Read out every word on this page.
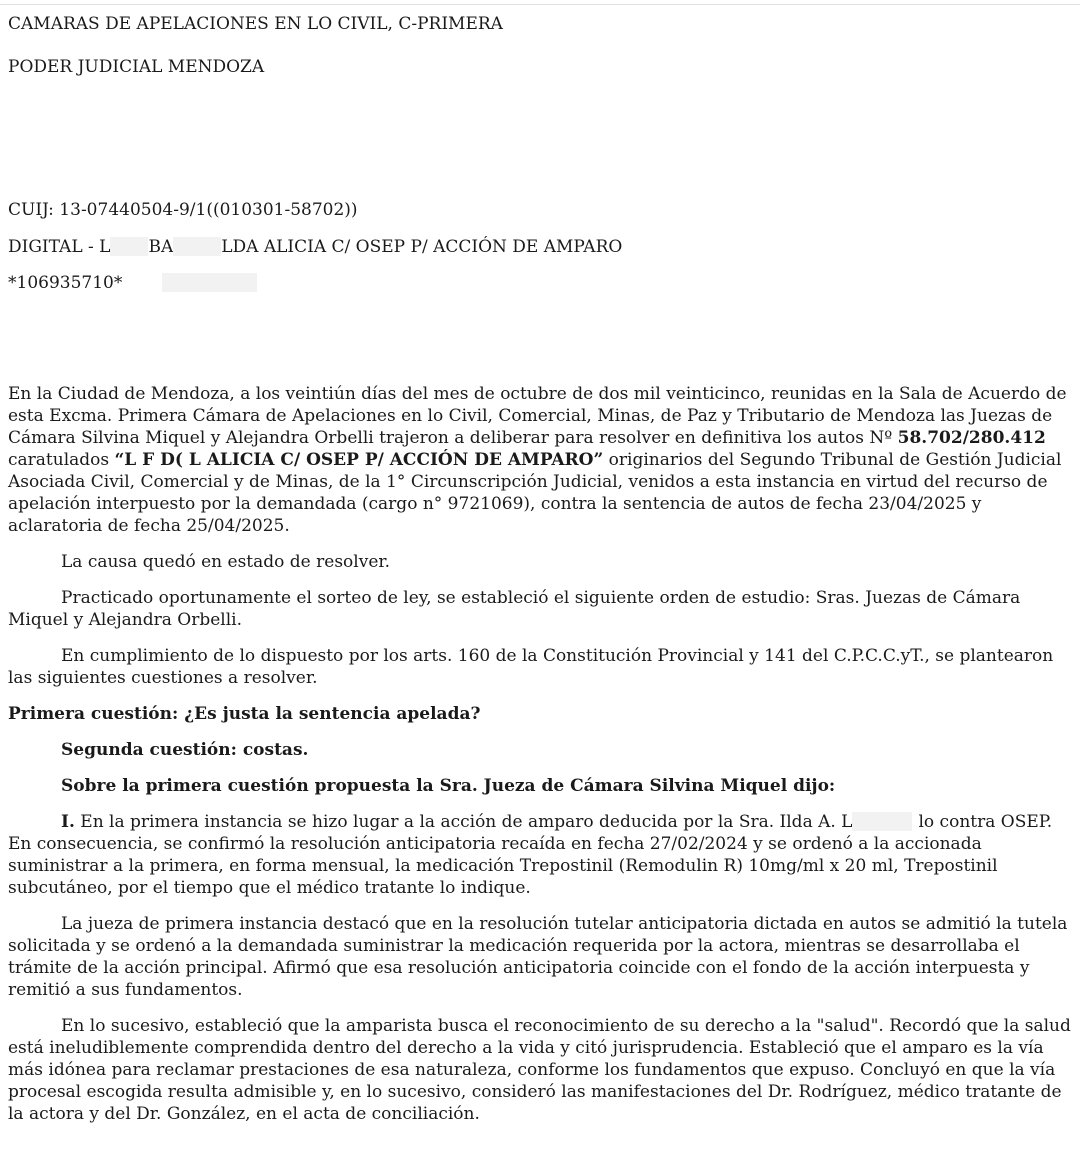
CAMARAS DE APELACIONES EN LO CIVIL, C-PRIMERA
PODER JUDICIAL MENDOZA
CUIJ: 13-07440504-9/1((010301-58702))
DIGITAL - L BA	LDA ALICIA C/ OSEP P/ ACCIÓN DE AMPARO
*106935710*

En la Ciudad de Mendoza, a los veintiún días del mes de octubre de dos mil veinticinco, reunidas en la Sala de Acuerdo de esta Excma. Primera Cámara de Apelaciones en lo Civil, Comercial, Minas, de Paz y Tributario de Mendoza las Juezas de Cámara Silvina Miquel y Alejandra Orbelli trajeron a deliberar para resolver en definitiva los autos Nº 58.702/280.412 caratulados “L F D( L ALICIA C/ OSEP P/ ACCIÓN DE AMPARO” originarios del Segundo Tribunal de Gestión Judicial Asociada Civil, Comercial y de Minas, de la 1° Circunscripción Judicial, venidos a esta instancia en virtud del recurso de apelación interpuesto por la demandada (cargo n° 9721069), contra la sentencia de autos de fecha 23/04/2025 y aclaratoria de fecha 25/04/2025.

La causa quedó en estado de resolver.

Practicado oportunamente el sorteo de ley, se estableció el siguiente orden de estudio: Sras. Juezas de Cámara Miquel y Alejandra Orbelli.

En cumplimiento de lo dispuesto por los arts. 160 de la Constitución Provincial y 141 del C.P.C.C.yT., se plantearon las siguientes cuestiones a resolver.

Primera cuestión: ¿Es justa la sentencia apelada?

Segunda cuestión: costas.

Sobre la primera cuestión propuesta la Sra. Jueza de Cámara Silvina Miquel dijo:

I. En la primera instancia se hizo lugar a la acción de amparo deducida por la Sra. Ilda A. L	lo contra OSEP. En consecuencia, se confirmó la resolución anticipatoria recaída en fecha 27/02/2024 y se ordenó a la accionada suministrar a la primera, en forma mensual, la medicación Trepostinil (Remodulin R) 10mg/ml x 20 ml, Trepostinil subcutáneo, por el tiempo que el médico tratante lo indique.

La jueza de primera instancia destacó que en la resolución tutelar anticipatoria dictada en autos se admitió la tutela solicitada y se ordenó a la demandada suministrar la medicación requerida por la actora, mientras se desarrollaba el trámite de la acción principal. Afirmó que esa resolución anticipatoria coincide con el fondo de la acción interpuesta y remitió a sus fundamentos.

En lo sucesivo, estableció que la amparista busca el reconocimiento de su derecho a la "salud". Recordó que la salud está ineludiblemente comprendida dentro del derecho a la vida y citó jurisprudencia. Estableció que el amparo es la vía más idónea para reclamar prestaciones de esa naturaleza, conforme los fundamentos que expuso. Concluyó en que la vía procesal escogida resulta admisible y, en lo sucesivo, consideró las manifestaciones del Dr. Rodríguez, médico tratante de la actora y del Dr. González, en el acta de conciliación.
